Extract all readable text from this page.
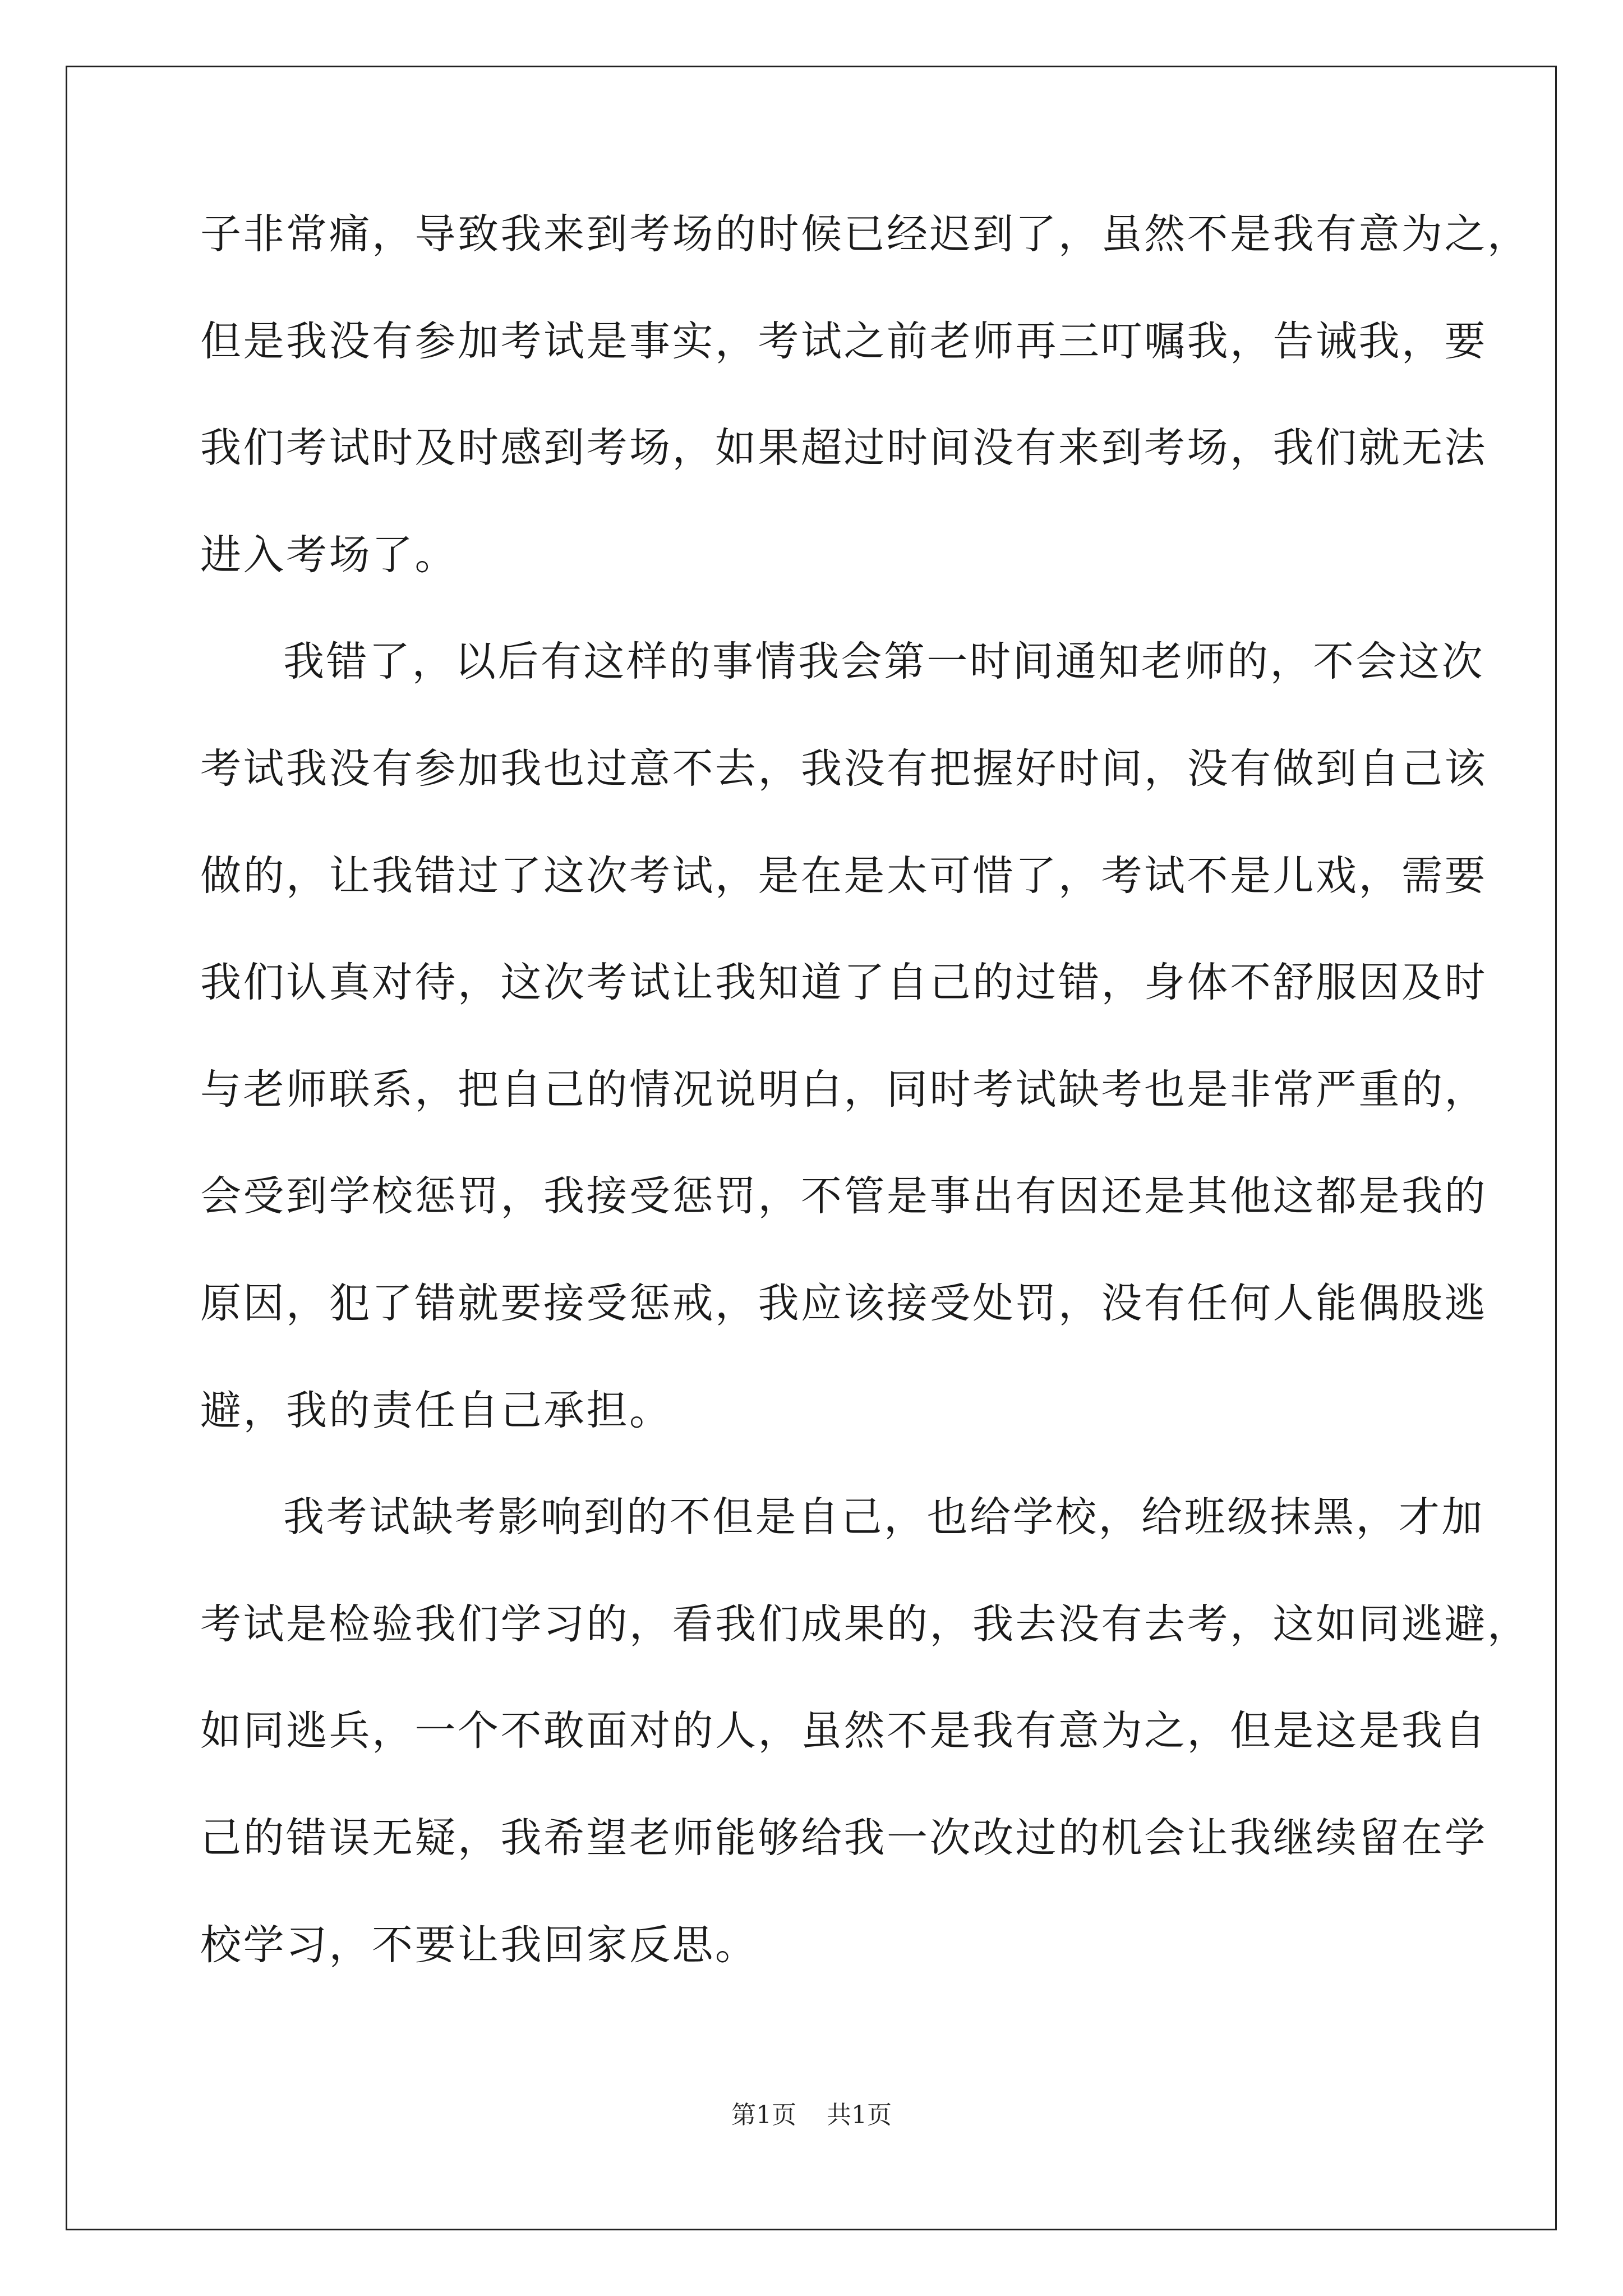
子非常痛，导致我来到考场的时候已经迟到了，虽然不是我有意为之，
但是我没有参加考试是事实，考试之前老师再三叮嘱我，告诫我，要
我们考试时及时感到考场，如果超过时间没有来到考场，我们就无法
进入考场了。
我错了，以后有这样的事情我会第一时间通知老师的，不会这次
考试我没有参加我也过意不去，我没有把握好时间，没有做到自己该
做的，让我错过了这次考试，是在是太可惜了，考试不是儿戏，需要
我们认真对待，这次考试让我知道了自己的过错，身体不舒服因及时
与老师联系，把自己的情况说明白，同时考试缺考也是非常严重的，
会受到学校惩罚，我接受惩罚，不管是事出有因还是其他这都是我的
原因，犯了错就要接受惩戒，我应该接受处罚，没有任何人能偶股逃
避，我的责任自己承担。
我考试缺考影响到的不但是自己，也给学校，给班级抹黑，才加
考试是检验我们学习的，看我们成果的，我去没有去考，这如同逃避，
如同逃兵，一个不敢面对的人，虽然不是我有意为之，但是这是我自
己的错误无疑，我希望老师能够给我一次改过的机会让我继续留在学
校学习，不要让我回家反思。
第1页 共1页
